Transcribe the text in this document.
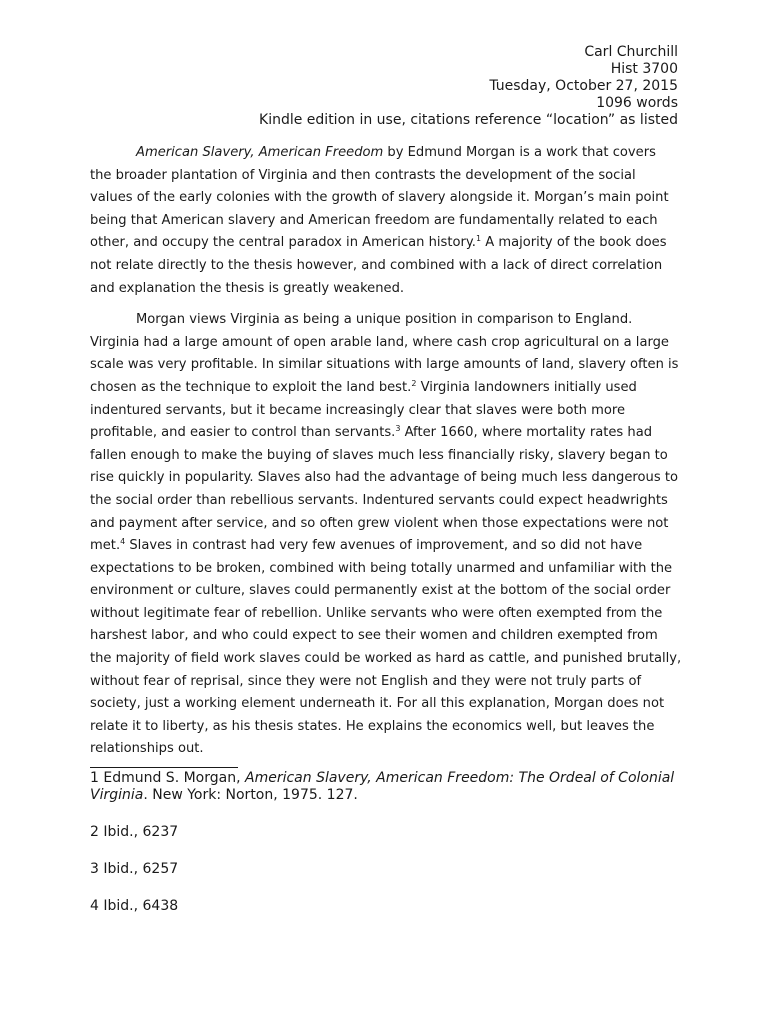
Carl Churchill
Hist 3700
Tuesday, October 27, 2015
1096 words
Kindle edition in use, citations reference “location” as listed
American Slavery, American Freedom by Edmund Morgan is a work that covers
the broader plantation of Virginia and then contrasts the development of the social
values of the early colonies with the growth of slavery alongside it. Morgan’s main point
being that American slavery and American freedom are fundamentally related to each
other, and occupy the central paradox in American history.$^1$ A majority of the book does
not relate directly to the thesis however, and combined with a lack of direct correlation
and explanation the thesis is greatly weakened.
Morgan views Virginia as being a unique position in comparison to England.
Virginia had a large amount of open arable land, where cash crop agricultural on a large
scale was very profitable. In similar situations with large amounts of land, slavery often is
chosen as the technique to exploit the land best.$^2$ Virginia landowners initially used
indentured servants, but it became increasingly clear that slaves were both more
profitable, and easier to control than servants.$^3$ After 1660, where mortality rates had
fallen enough to make the buying of slaves much less financially risky, slavery began to
rise quickly in popularity. Slaves also had the advantage of being much less dangerous to
the social order than rebellious servants. Indentured servants could expect headwrights
and payment after service, and so often grew violent when those expectations were not
met.$^4$ Slaves in contrast had very few avenues of improvement, and so did not have
expectations to be broken, combined with being totally unarmed and unfamiliar with the
environment or culture, slaves could permanently exist at the bottom of the social order
without legitimate fear of rebellion. Unlike servants who were often exempted from the
harshest labor, and who could expect to see their women and children exempted from
the majority of field work slaves could be worked as hard as cattle, and punished brutally,
without fear of reprisal, since they were not English and they were not truly parts of
society, just a working element underneath it. For all this explanation, Morgan does not
relate it to liberty, as his thesis states. He explains the economics well, but leaves the
relationships out.

1 Edmund S. Morgan, American Slavery, American Freedom: The Ordeal of Colonial
Virginia. New York: Norton, 1975. 127.

2 Ibid., 6237

3 Ibid., 6257

4 Ibid., 6438
